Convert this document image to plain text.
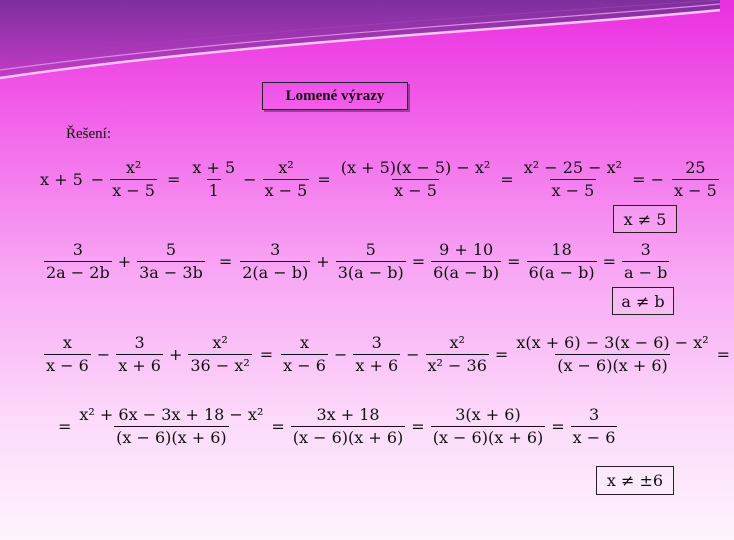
Lomené výrazy
Řešení:
$x + 5 - \frac{\text{x²}}{x - 5} = \frac{x + 5}{1} - \frac{\text{x²}}{x - 5} = \frac{\text{(x + 5)(x − 5) − x²}}{x - 5} = \frac{\text{x² − 25 − x²}}{x - 5}$ = − $\frac{25}{x - 5}$
x ≠ 5
$\frac{3}{2a - 2b} + \frac{5}{3a - 3b} = \frac{3}{2(a - b)} + \frac{5}{3(a - b)} = \frac{9 + 10}{6(a - b)} = \frac{18}{6(a - b)} = \frac{3}{a - b}$
a ≠ b
$\frac{x}{x - 6} - \frac{3}{x + 6} + \frac{\text{x²}}{\text{36 − x²}} = \frac{x}{x - 6} - \frac{3}{x + 6} - \frac{\text{x²}}{\text{x² − 36}} = \frac{\text{x(x + 6) − 3(x − 6) − x²}}{(x - 6)(x + 6)}$ =
= $\frac{\text{x² + 6x − 3x + 18 − x²}}{(x - 6)(x + 6)} = \frac{3x + 18}{(x - 6)(x + 6)} = \frac{3(x + 6)}{(x - 6)(x + 6)} = \frac{3}{x - 6}$
x ≠ ±6
